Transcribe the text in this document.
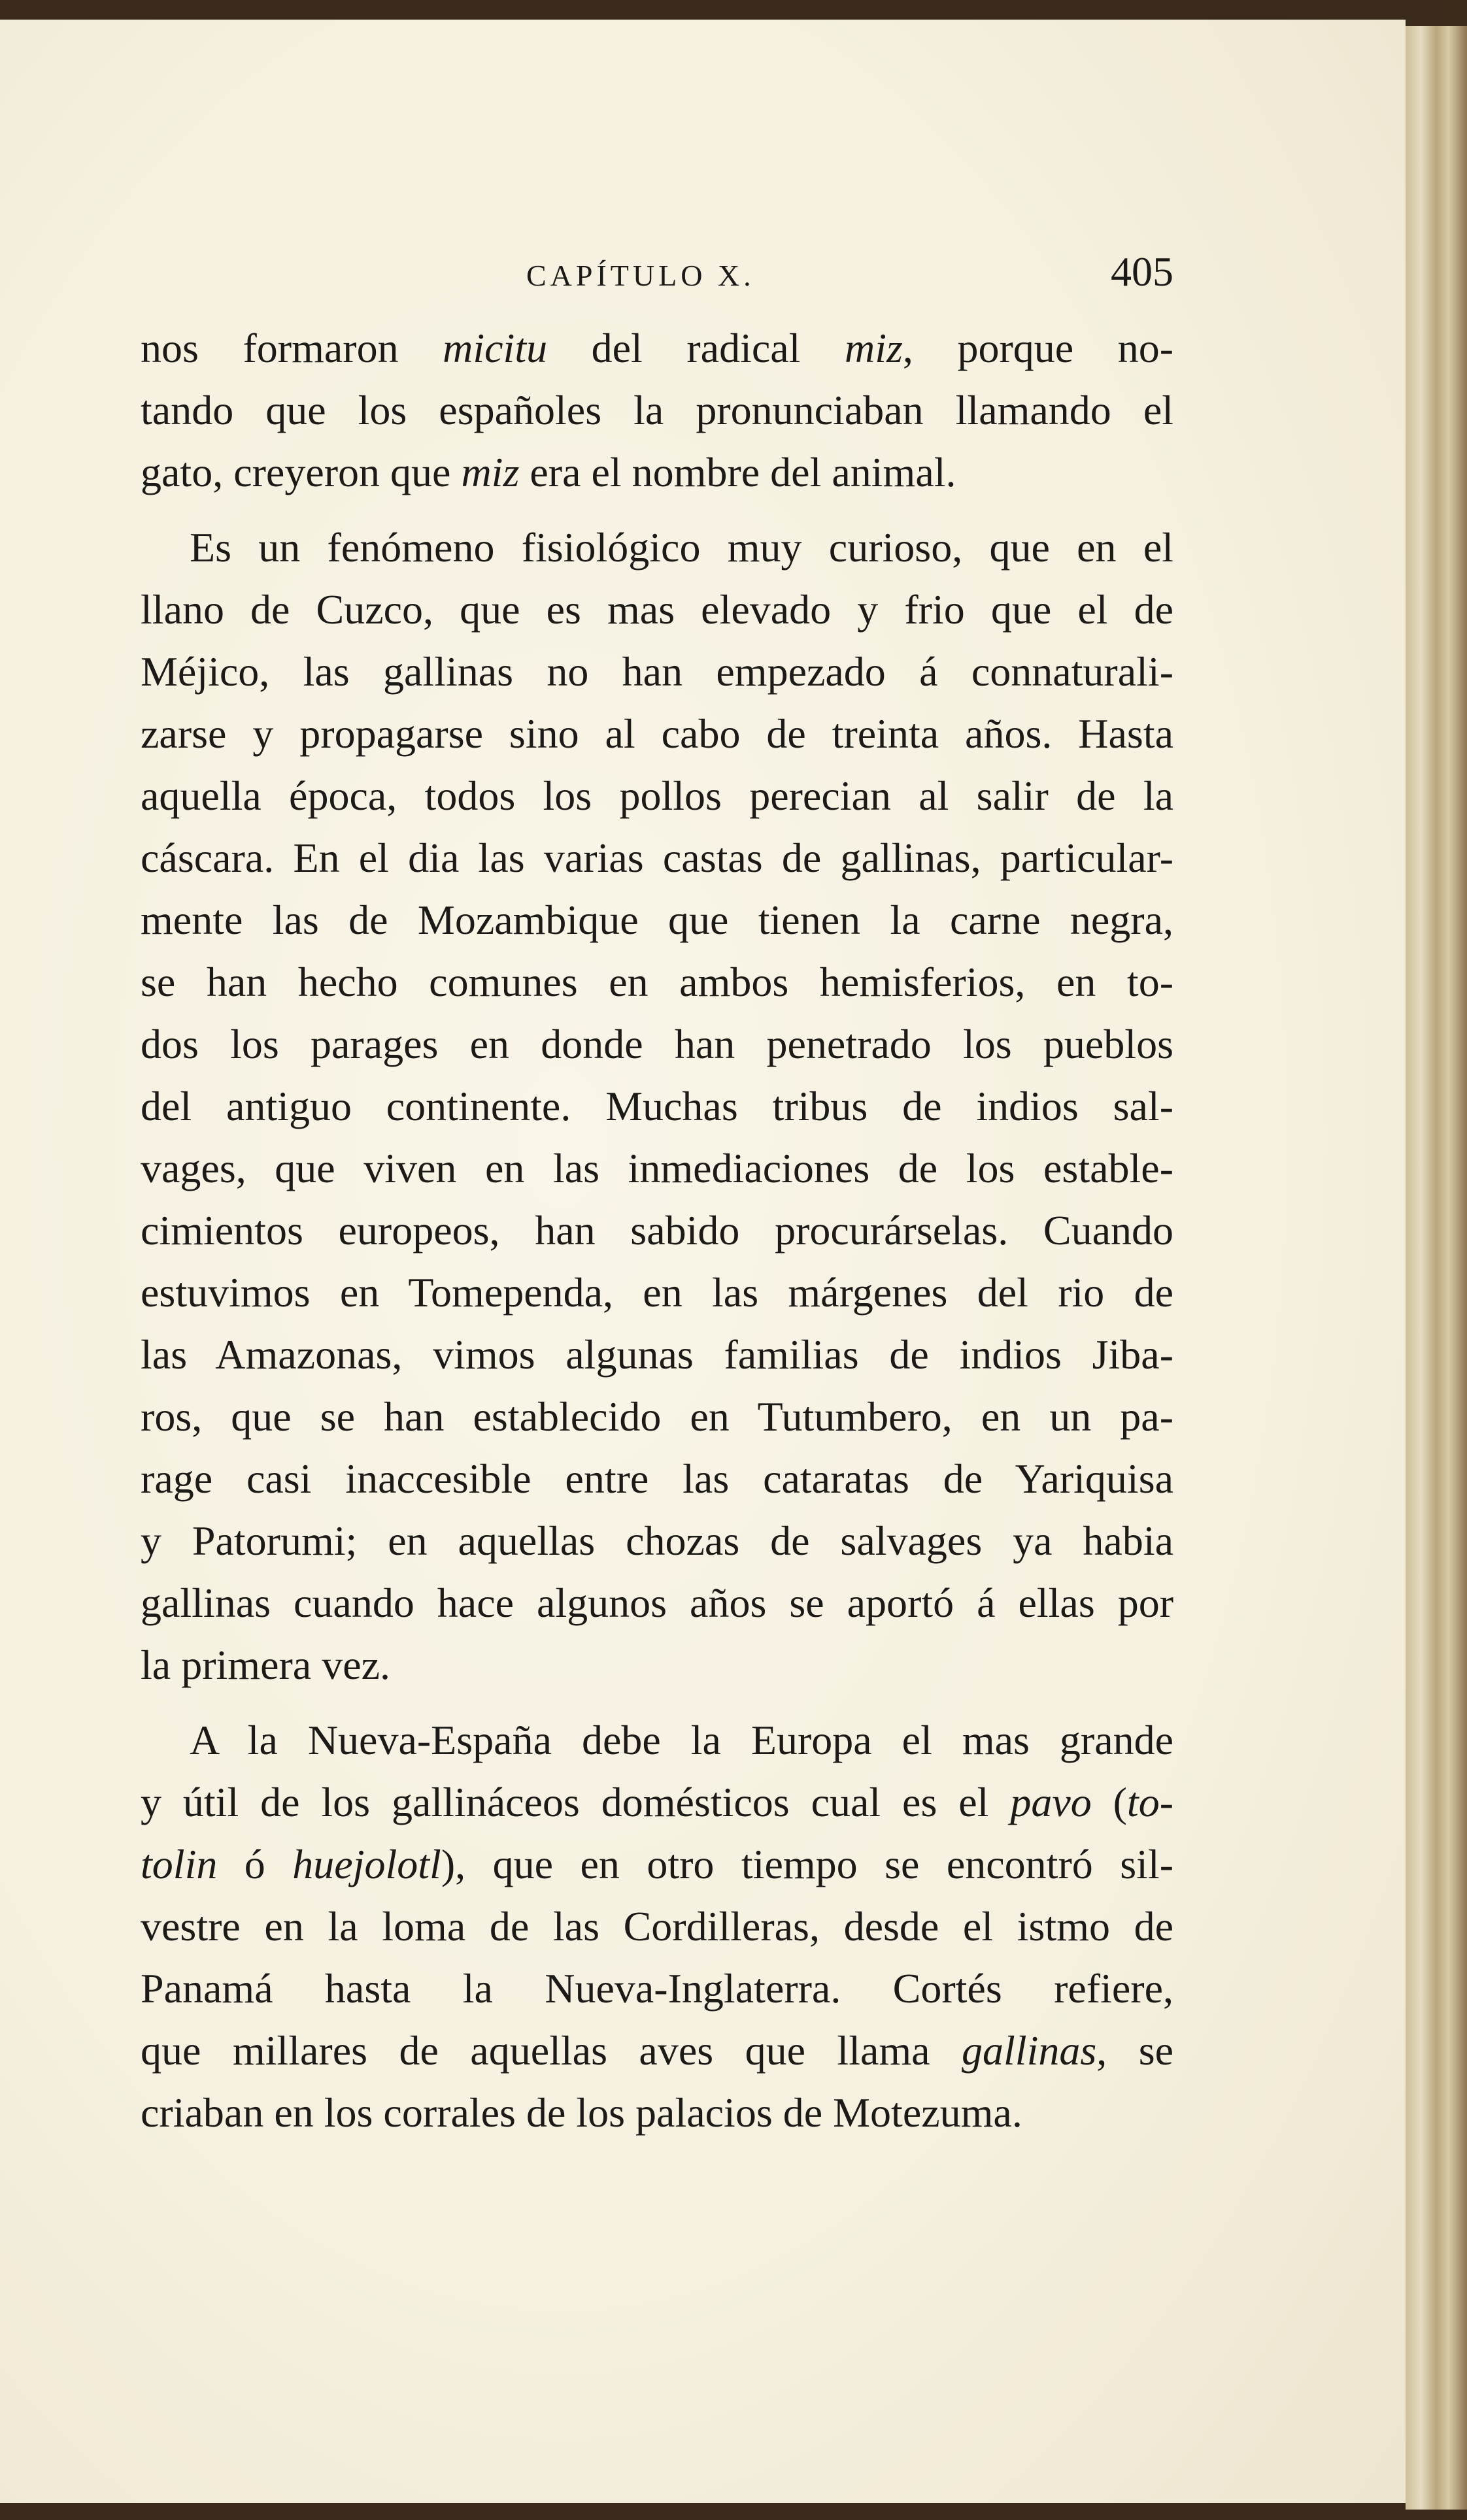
CAPÍTULO X.	405
nos formaron micitu del radical miz, porque no-
tando que los españoles la pronunciaban llamando el
gato, creyeron que miz era el nombre del animal.
Es un fenómeno fisiológico muy curioso, que en el
llano de Cuzco, que es mas elevado y frio que el de
Méjico, las gallinas no han empezado á connaturali-
zarse y propagarse sino al cabo de treinta años. Hasta
aquella época, todos los pollos perecian al salir de la
cáscara. En el dia las varias castas de gallinas, particular-
mente las de Mozambique que tienen la carne negra,
se han hecho comunes en ambos hemisferios, en to-
dos los parages en donde han penetrado los pueblos
del antiguo continente. Muchas tribus de indios sal-
vages, que viven en las inmediaciones de los estable-
cimientos europeos, han sabido procurárselas. Cuando
estuvimos en Tomependa, en las márgenes del rio de
las Amazonas, vimos algunas familias de indios Jiba-
ros, que se han establecido en Tutumbero, en un pa-
rage casi inaccesible entre las cataratas de Yariquisa
y Patorumi; en aquellas chozas de salvages ya habia
gallinas cuando hace algunos años se aportó á ellas por
la primera vez.
A la Nueva-España debe la Europa el mas grande
y útil de los gallináceos domésticos cual es el pavo (to-
tolin ó huejolotl), que en otro tiempo se encontró sil-
vestre en la loma de las Cordilleras, desde el istmo de
Panamá hasta la Nueva-Inglaterra. Cortés refiere,
que millares de aquellas aves que llama gallinas, se
criaban en los corrales de los palacios de Motezuma.
